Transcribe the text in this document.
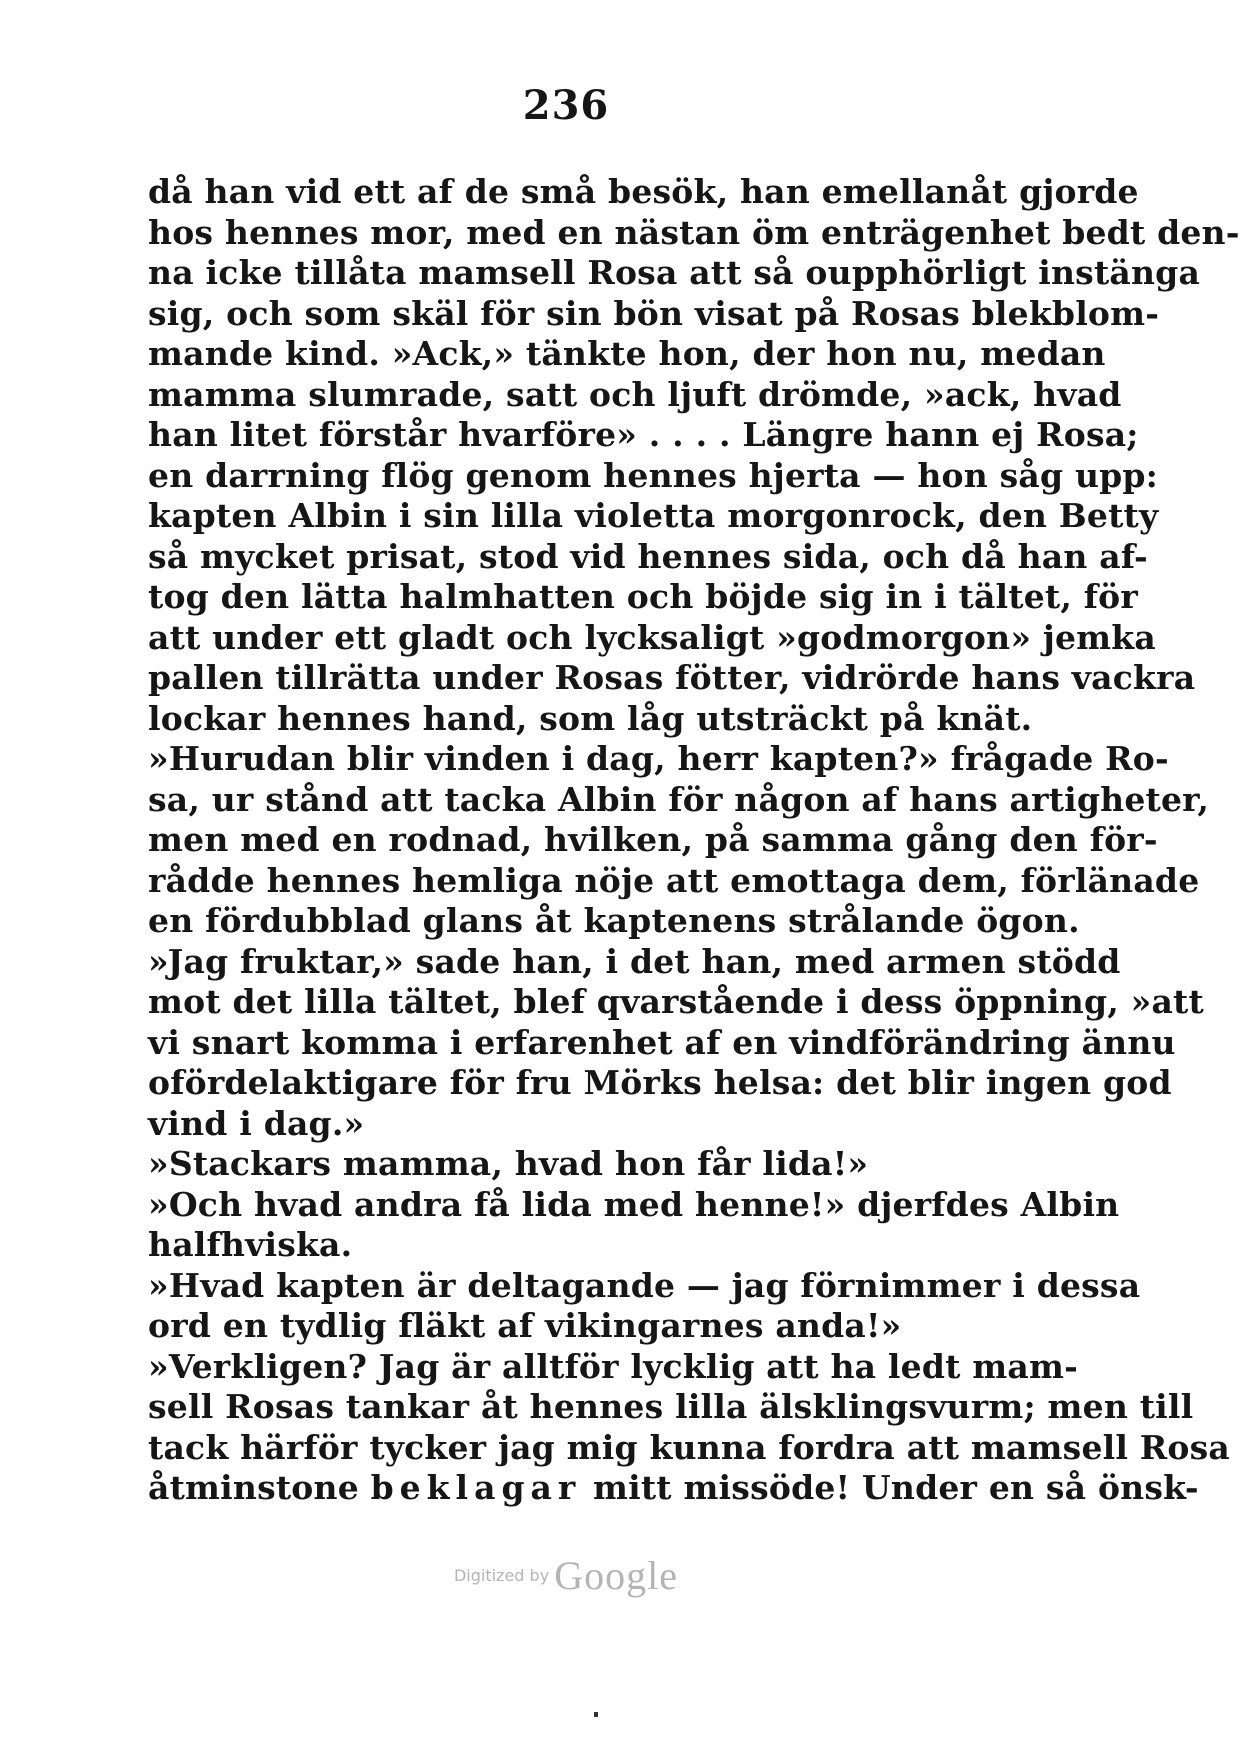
236
då han vid ett af de små besök, han emellanåt gjorde
hos hennes mor, med en nästan öm enträgenhet bedt den-
na icke tillåta mamsell Rosa att så oupphörligt instänga
sig, och som skäl för sin bön visat på Rosas blekblom-
mande kind. »Ack,» tänkte hon, der hon nu, medan
mamma slumrade, satt och ljuft drömde, »ack, hvad
han litet förstår hvarföre» . . . . Längre hann ej Rosa;
en darrning flög genom hennes hjerta — hon såg upp:
kapten Albin i sin lilla violetta morgonrock, den Betty
så mycket prisat, stod vid hennes sida, och då han af-
tog den lätta halmhatten och böjde sig in i tältet, för
att under ett gladt och lycksaligt »godmorgon» jemka
pallen tillrätta under Rosas fötter, vidrörde hans vackra
lockar hennes hand, som låg utsträckt på knät.
»Hurudan blir vinden i dag, herr kapten?» frågade Ro-
sa, ur stånd att tacka Albin för någon af hans artigheter,
men med en rodnad, hvilken, på samma gång den för-
rådde hennes hemliga nöje att emottaga dem, förlänade
en fördubblad glans åt kaptenens strålande ögon.
»Jag fruktar,» sade han, i det han, med armen stödd
mot det lilla tältet, blef qvarstående i dess öppning, »att
vi snart komma i erfarenhet af en vindförändring ännu
ofördelaktigare för fru Mörks helsa: det blir ingen god
vind i dag.»
»Stackars mamma, hvad hon får lida!»
»Och hvad andra få lida med henne!» djerfdes Albin
halfhviska.
»Hvad kapten är deltagande — jag förnimmer i dessa
ord en tydlig fläkt af vikingarnes anda!»
»Verkligen? Jag är alltför lycklig att ha ledt mam-
sell Rosas tankar åt hennes lilla älsklingsvurm; men till
tack härför tycker jag mig kunna fordra att mamsell Rosa
åtminstone beklagar mitt missöde! Under en så önsk-
Digitized by Google
